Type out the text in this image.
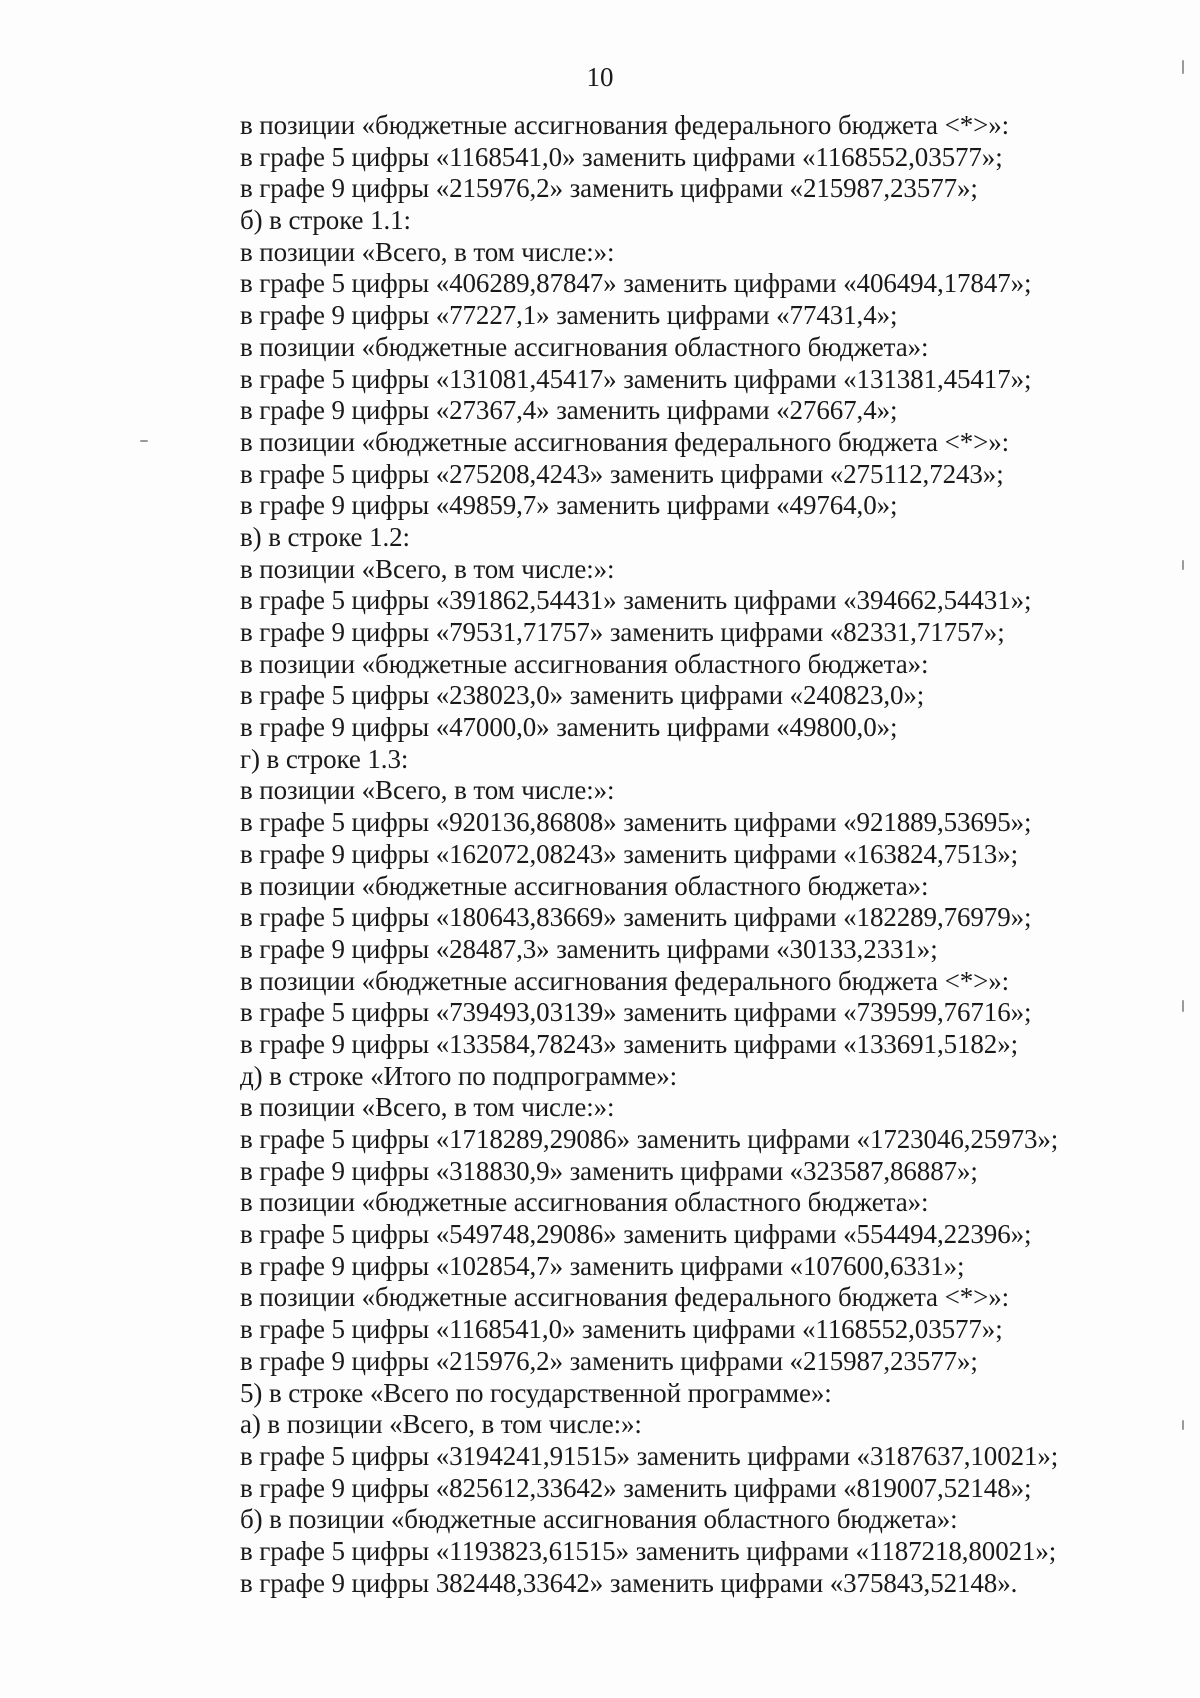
10
в позиции «бюджетные ассигнования федерального бюджета <*>»:
в графе 5 цифры «1168541,0» заменить цифрами «1168552,03577»;
в графе 9 цифры «215976,2» заменить цифрами «215987,23577»;
б) в строке 1.1:
в позиции «Всего, в том числе:»:
в графе 5 цифры «406289,87847» заменить цифрами «406494,17847»;
в графе 9 цифры «77227,1» заменить цифрами «77431,4»;
в позиции «бюджетные ассигнования областного бюджета»:
в графе 5 цифры «131081,45417» заменить цифрами «131381,45417»;
в графе 9 цифры «27367,4» заменить цифрами «27667,4»;
в позиции «бюджетные ассигнования федерального бюджета <*>»:
в графе 5 цифры «275208,4243» заменить цифрами «275112,7243»;
в графе 9 цифры «49859,7» заменить цифрами «49764,0»;
в) в строке 1.2:
в позиции «Всего, в том числе:»:
в графе 5 цифры «391862,54431» заменить цифрами «394662,54431»;
в графе 9 цифры «79531,71757» заменить цифрами «82331,71757»;
в позиции «бюджетные ассигнования областного бюджета»:
в графе 5 цифры «238023,0» заменить цифрами «240823,0»;
в графе 9 цифры «47000,0» заменить цифрами «49800,0»;
г) в строке 1.3:
в позиции «Всего, в том числе:»:
в графе 5 цифры «920136,86808» заменить цифрами «921889,53695»;
в графе 9 цифры «162072,08243» заменить цифрами «163824,7513»;
в позиции «бюджетные ассигнования областного бюджета»:
в графе 5 цифры «180643,83669» заменить цифрами «182289,76979»;
в графе 9 цифры «28487,3» заменить цифрами «30133,2331»;
в позиции «бюджетные ассигнования федерального бюджета <*>»:
в графе 5 цифры «739493,03139» заменить цифрами «739599,76716»;
в графе 9 цифры «133584,78243» заменить цифрами «133691,5182»;
д) в строке «Итого по подпрограмме»:
в позиции «Всего, в том числе:»:
в графе 5 цифры «1718289,29086» заменить цифрами «1723046,25973»;
в графе 9 цифры «318830,9» заменить цифрами «323587,86887»;
в позиции «бюджетные ассигнования областного бюджета»:
в графе 5 цифры «549748,29086» заменить цифрами «554494,22396»;
в графе 9 цифры «102854,7» заменить цифрами «107600,6331»;
в позиции «бюджетные ассигнования федерального бюджета <*>»:
в графе 5 цифры «1168541,0» заменить цифрами «1168552,03577»;
в графе 9 цифры «215976,2» заменить цифрами «215987,23577»;
5) в строке «Всего по государственной программе»:
а) в позиции «Всего, в том числе:»:
в графе 5 цифры «3194241,91515» заменить цифрами «3187637,10021»;
в графе 9 цифры «825612,33642» заменить цифрами «819007,52148»;
б) в позиции «бюджетные ассигнования областного бюджета»:
в графе 5 цифры «1193823,61515» заменить цифрами «1187218,80021»;
в графе 9 цифры 382448,33642» заменить цифрами «375843,52148».
